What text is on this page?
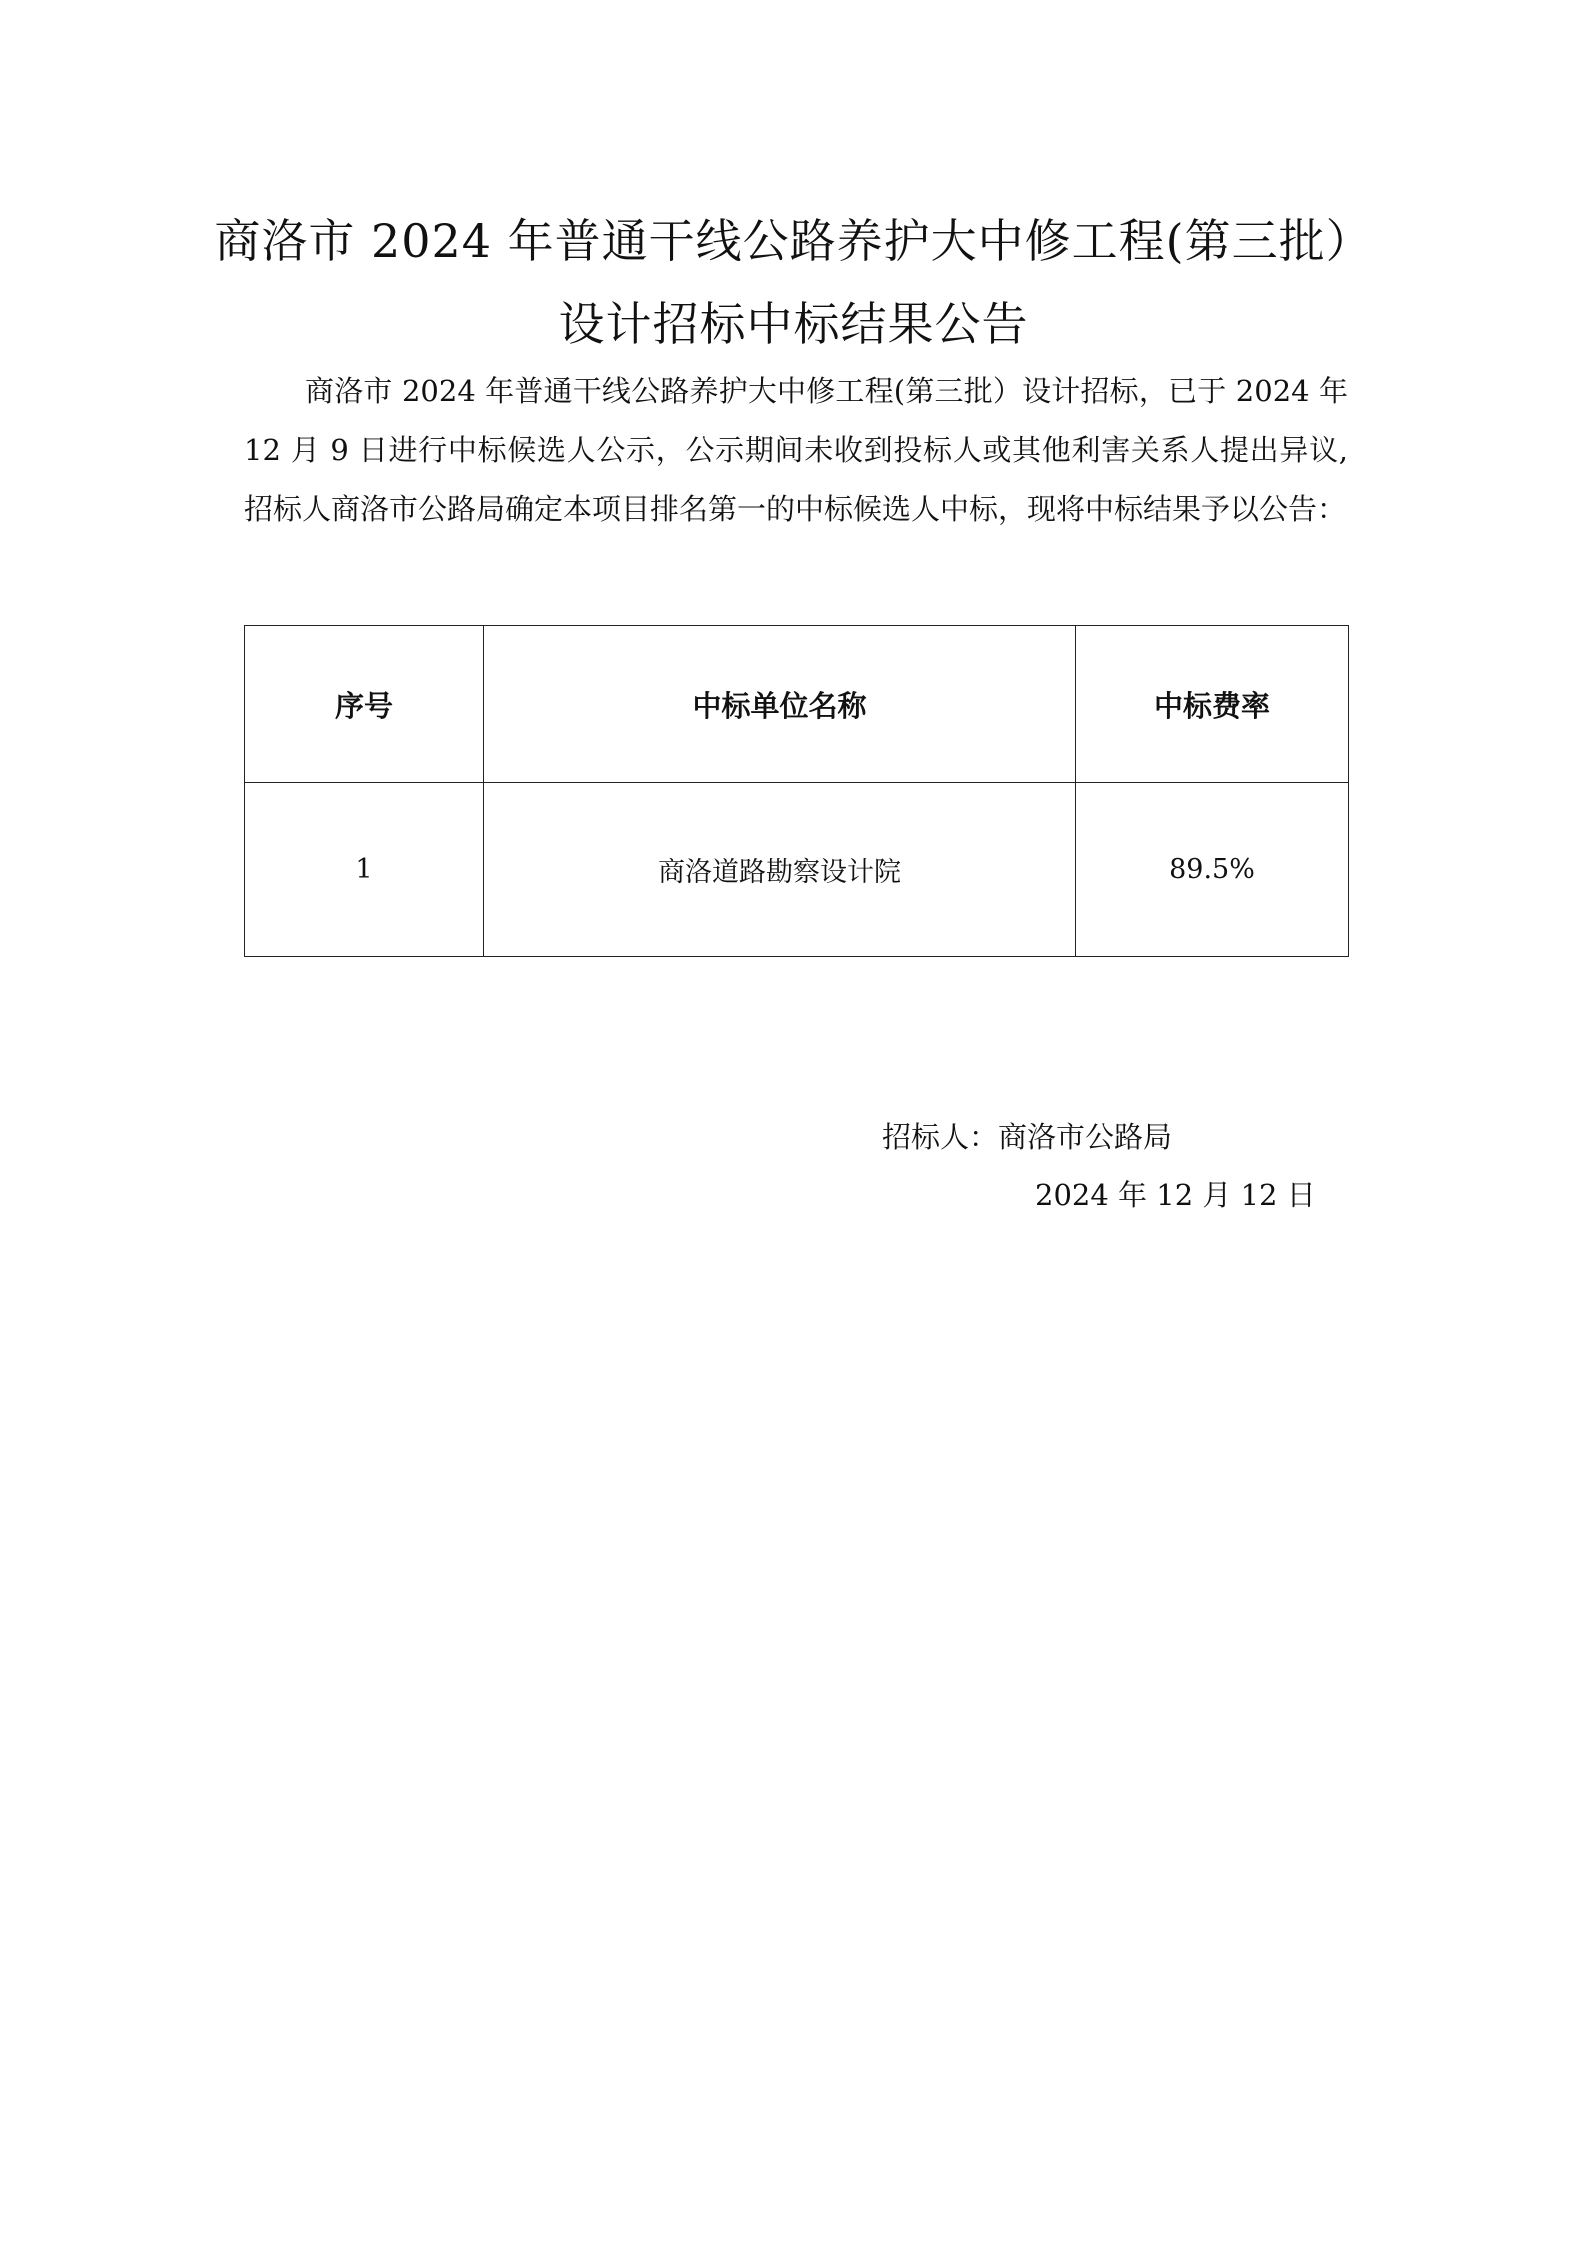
商洛市 2024 年普通干线公路养护大中修工程(第三批）
设计招标中标结果公告

商洛市 2024 年普通干线公路养护大中修工程(第三批）设计招标，已于 2024 年 12 月 9 日进行中标候选人公示，公示期间未收到投标人或其他利害关系人提出异议,招标人商洛市公路局确定本项目排名第一的中标候选人中标，现将中标结果予以公告：

序号	中标单位名称	中标费率
1	商洛道路勘察设计院	89.5%

招标人：商洛市公路局

2024 年 12 月 12 日
